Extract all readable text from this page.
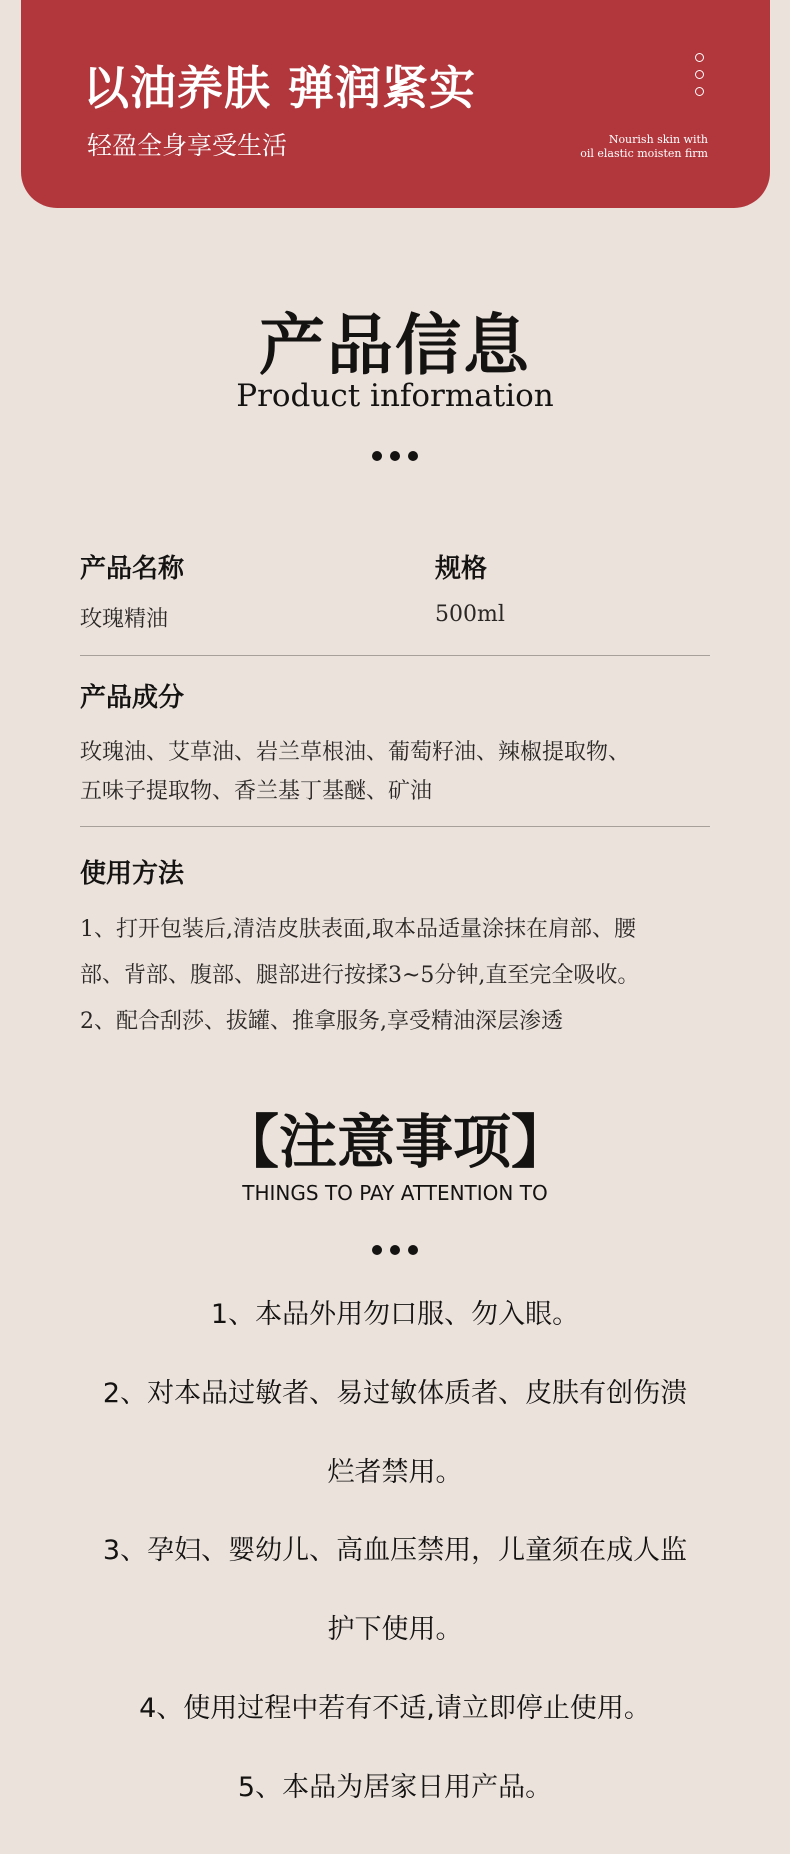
以油养肤 弹润紧实
轻盈全身享受生活	Nourish skin with
oil elastic moisten firm
产品信息
Product information
产品名称
玫瑰精油
规格
500ml
产品成分
玫瑰油、艾草油、岩兰草根油、葡萄籽油、辣椒提取物、
五味子提取物、香兰基丁基醚、矿油
使用方法
1、打开包装后,清洁皮肤表面,取本品适量涂抹在肩部、腰
部、背部、腹部、腿部进行按揉3~5分钟,直至完全吸收。
2、配合刮莎、拔罐、推拿服务,享受精油深层渗透
【注意事项】
THINGS TO PAY ATTENTION TO
1、本品外用勿口服、勿入眼。
2、对本品过敏者、易过敏体质者、皮肤有创伤溃
烂者禁用。
3、孕妇、婴幼儿、高血压禁用，儿童须在成人监
护下使用。
4、使用过程中若有不适,请立即停止使用。
5、本品为居家日用产品。
